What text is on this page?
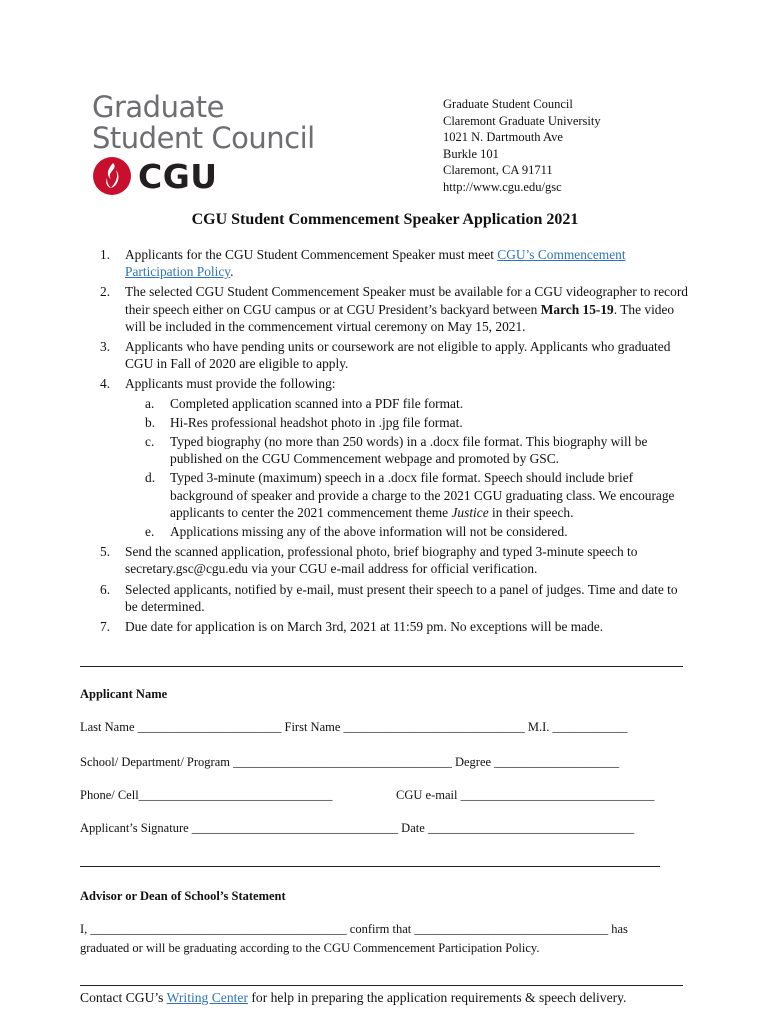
Graduate
Student Council
CGU
Graduate Student Council
Claremont Graduate University
1021 N. Dartmouth Ave
Burkle 101
Claremont, CA 91711
http://www.cgu.edu/gsc
CGU Student Commencement Speaker Application 2021
1.	Applicants for the CGU Student Commencement Speaker must meet CGU’s Commencement Participation Policy.
2.	The selected CGU Student Commencement Speaker must be available for a CGU videographer to record their speech either on CGU campus or at CGU President’s backyard between March 15-19. The video will be included in the commencement virtual ceremony on May 15, 2021.
3.	Applicants who have pending units or coursework are not eligible to apply. Applicants who graduated CGU in Fall of 2020 are eligible to apply.
4.	Applicants must provide the following:
a.	Completed application scanned into a PDF file format.
b.	Hi-Res professional headshot photo in .jpg file format.
c.	Typed biography (no more than 250 words) in a .docx file format. This biography will be published on the CGU Commencement webpage and promoted by GSC.
d.	Typed 3-minute (maximum) speech in a .docx file format. Speech should include brief background of speaker and provide a charge to the 2021 CGU graduating class. We encourage applicants to center the 2021 commencement theme Justice in their speech.
e.	Applications missing any of the above information will not be considered.
5.	Send the scanned application, professional photo, brief biography and typed 3-minute speech to secretary.gsc@cgu.edu via your CGU e-mail address for official verification.
6.	Selected applicants, notified by e-mail, must present their speech to a panel of judges. Time and date to be determined.
7.	Due date for application is on March 3rd, 2021 at 11:59 pm. No exceptions will be made.
Applicant Name
Last Name _______________________ First Name _____________________________ M.I. ____________
School/ Department/ Program ___________________________________ Degree ____________________
Phone/ Cell_______________________________	CGU e-mail _______________________________
Applicant’s Signature _________________________________ Date _________________________________
Advisor or Dean of School’s Statement
I, _________________________________________ confirm that _______________________________ has
graduated or will be graduating according to the CGU Commencement Participation Policy.
Contact CGU’s Writing Center for help in preparing the application requirements & speech delivery.
